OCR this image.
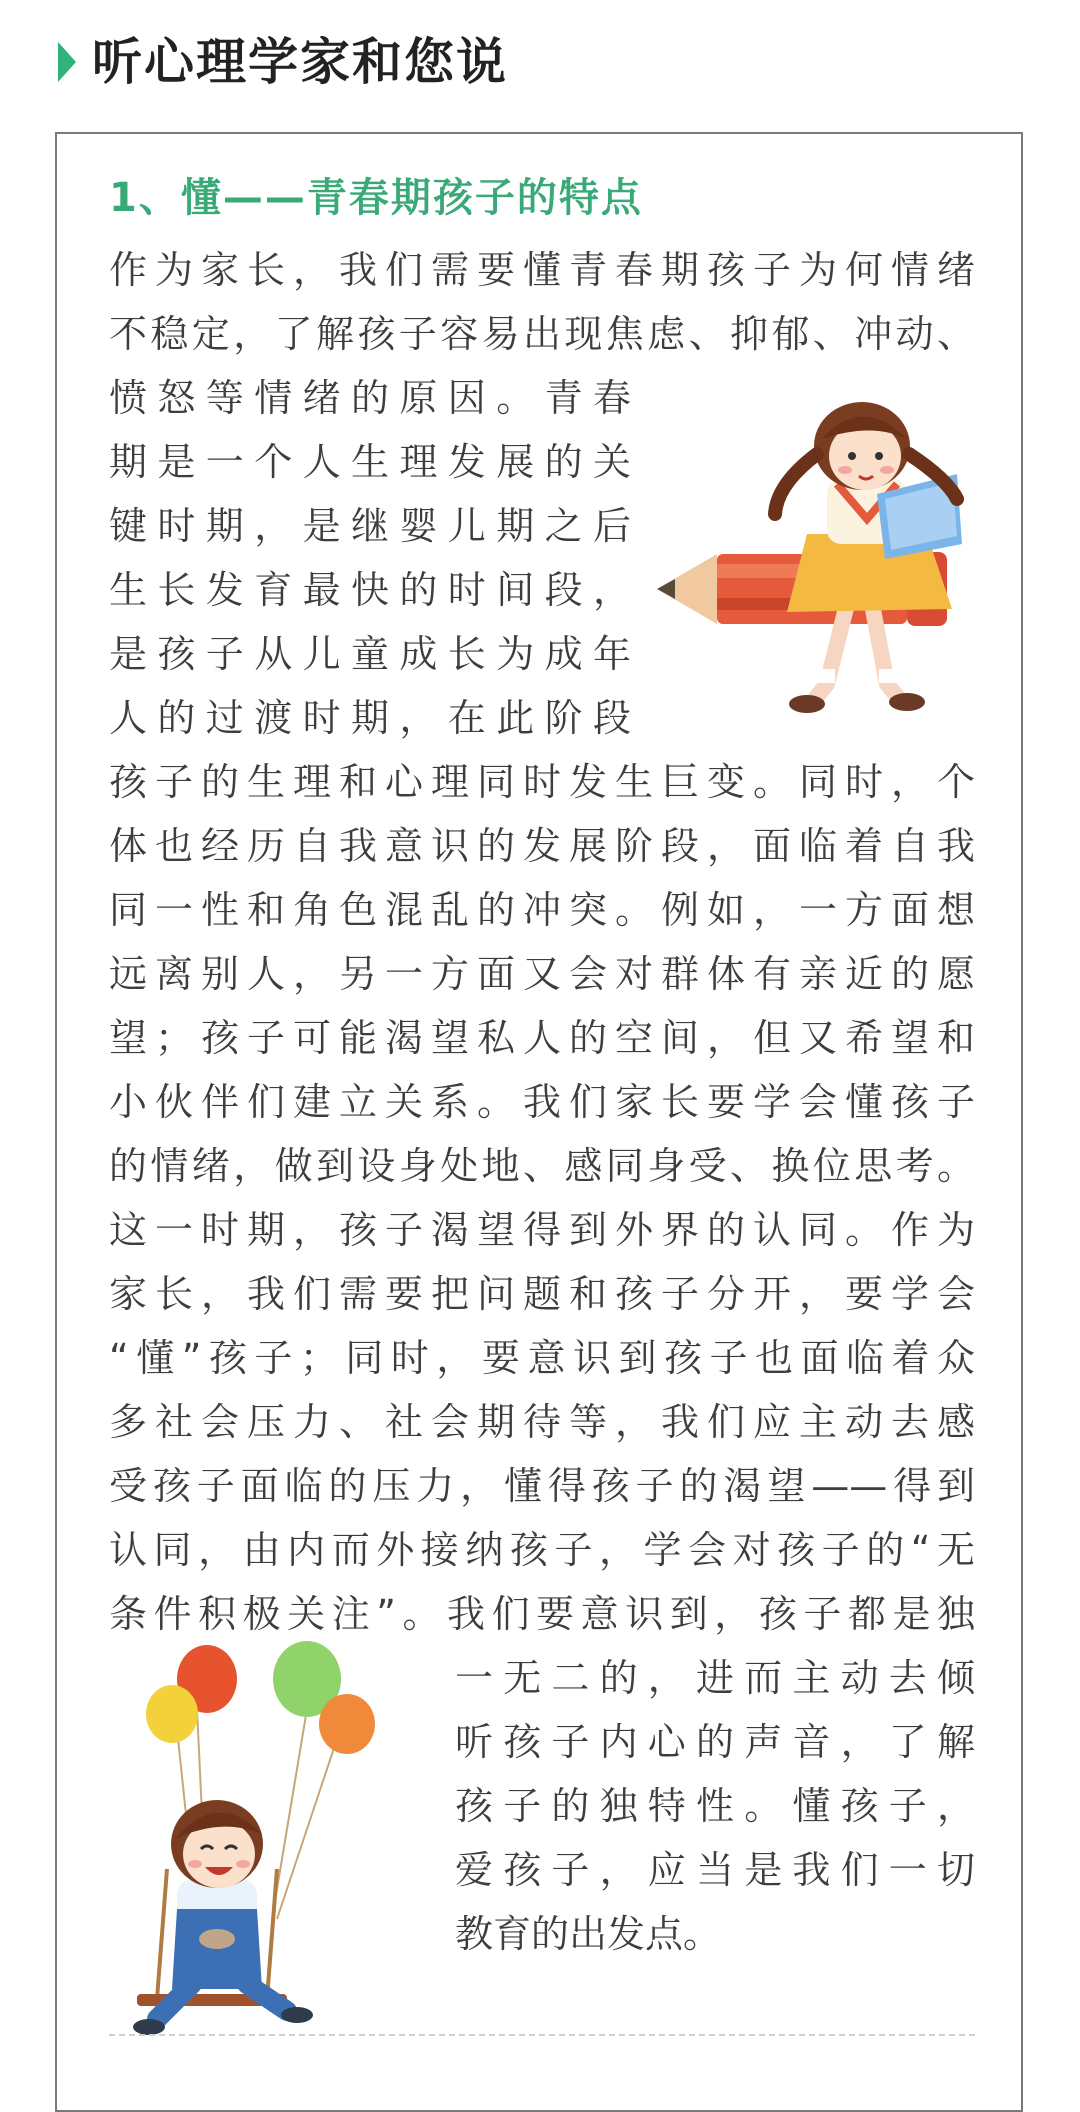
听心理学家和您说
1、懂——青春期孩子的特点
作为家长，我们需要懂青春期孩子为何情绪
不稳定，了解孩子容易出现焦虑、抑郁、冲动、
愤怒等情绪的原因。青春
期是一个人生理发展的关
键时期，是继婴儿期之后
生长发育最快的时间段，
是孩子从儿童成长为成年
人的过渡时期，在此阶段
孩子的生理和心理同时发生巨变。同时，个
体也经历自我意识的发展阶段，面临着自我
同一性和角色混乱的冲突。例如，一方面想
远离别人，另一方面又会对群体有亲近的愿
望；孩子可能渴望私人的空间，但又希望和
小伙伴们建立关系。我们家长要学会懂孩子
的情绪，做到设身处地、感同身受、换位思考。
这一时期，孩子渴望得到外界的认同。作为
家长，我们需要把问题和孩子分开，要学会
“懂”孩子；同时，要意识到孩子也面临着众
多社会压力、社会期待等，我们应主动去感
受孩子面临的压力，懂得孩子的渴望——得到
认同，由内而外接纳孩子，学会对孩子的“无
条件积极关注”。我们要意识到，孩子都是独
一无二的，进而主动去倾
听孩子内心的声音，了解
孩子的独特性。懂孩子，
爱孩子，应当是我们一切
教育的出发点。
